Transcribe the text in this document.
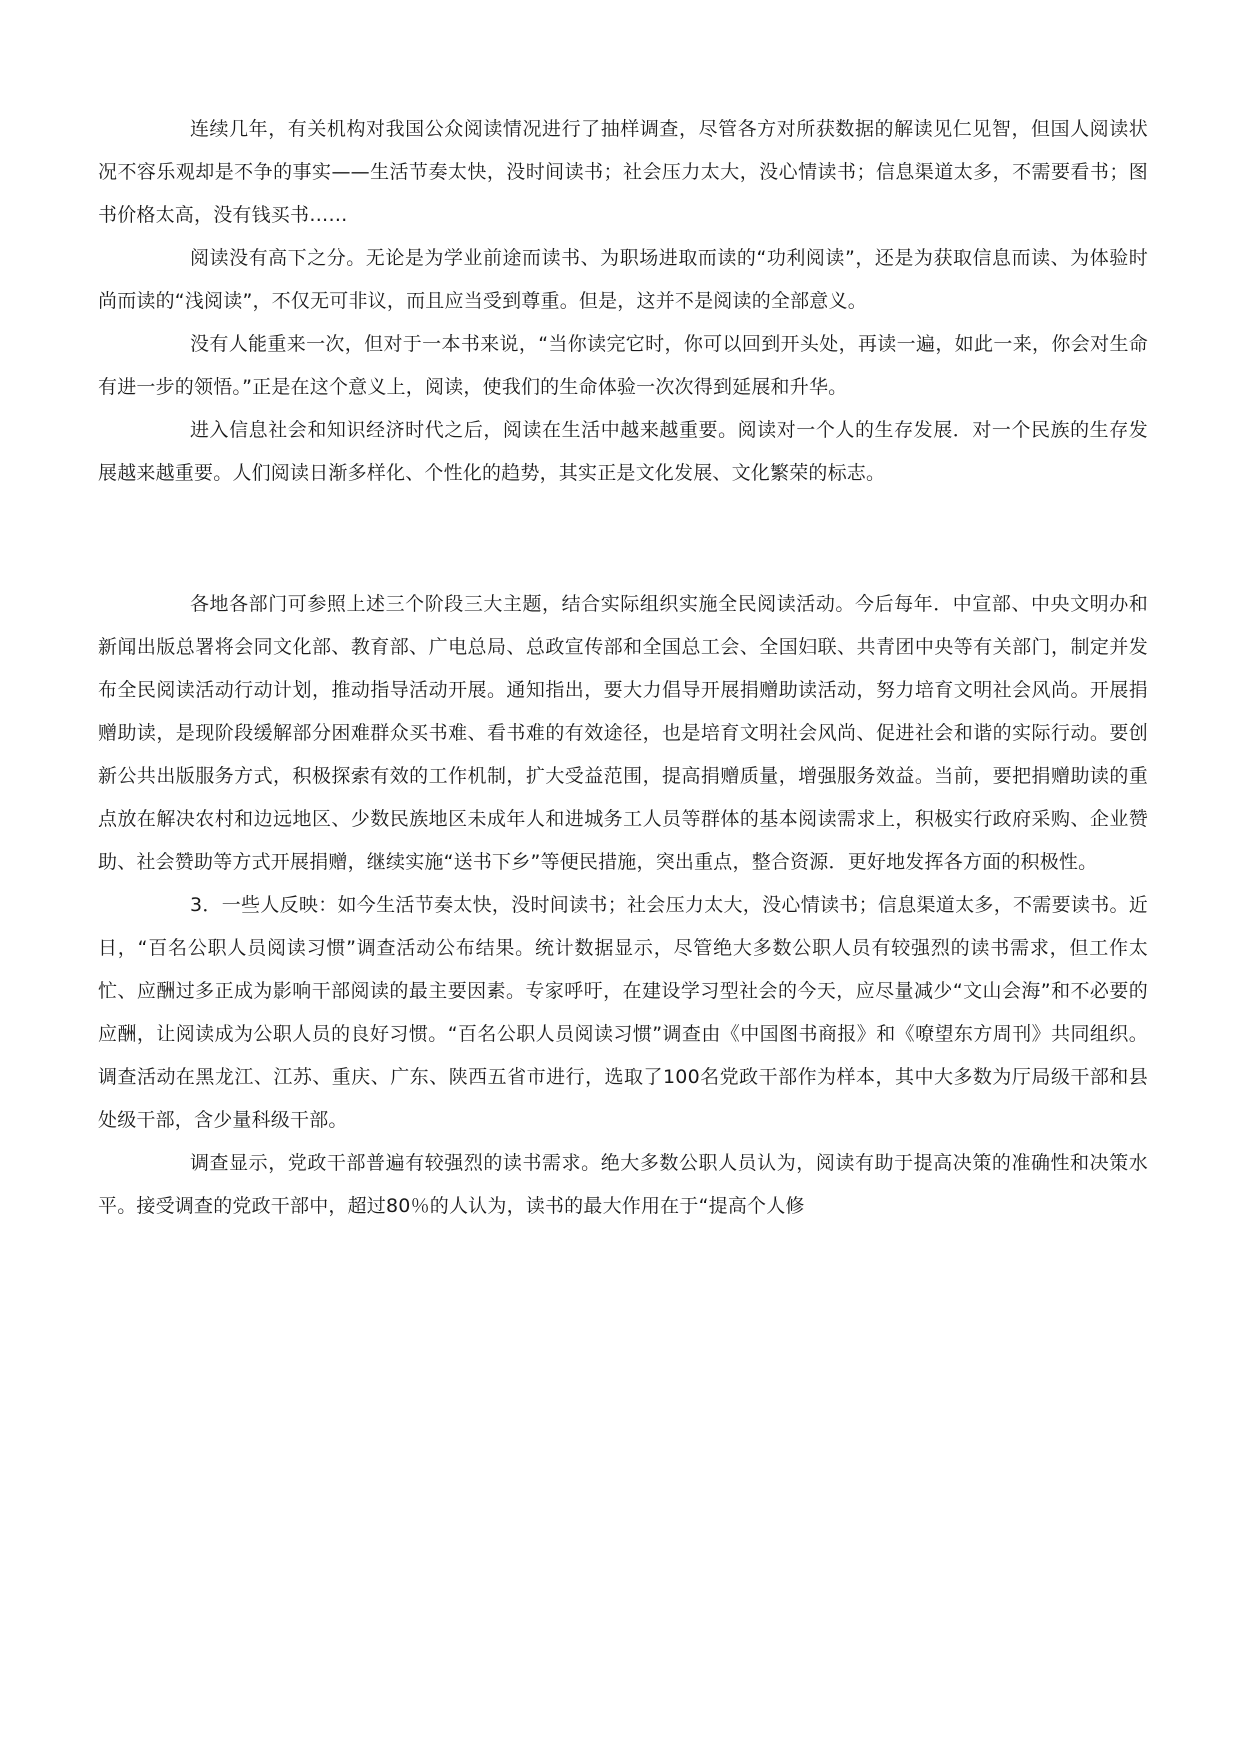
连续几年，有关机构对我国公众阅读情况进行了抽样调查，尽管各方对所获数据的解读见仁见智，但国人阅读状况不容乐观却是不争的事实——生活节奏太快，没时间读书；社会压力太大，没心情读书；信息渠道太多，不需要看书；图书价格太高，没有钱买书……

阅读没有高下之分。无论是为学业前途而读书、为职场进取而读的“功利阅读”，还是为获取信息而读、为体验时尚而读的“浅阅读”，不仅无可非议，而且应当受到尊重。但是，这并不是阅读的全部意义。

没有人能重来一次，但对于一本书来说，“当你读完它时，你可以回到开头处，再读一遍，如此一来，你会对生命有进一步的领悟。”正是在这个意义上，阅读，使我们的生命体验一次次得到延展和升华。

进入信息社会和知识经济时代之后，阅读在生活中越来越重要。阅读对一个人的生存发展．对一个民族的生存发展越来越重要。人们阅读日渐多样化、个性化的趋势，其实正是文化发展、文化繁荣的标志。

各地各部门可参照上述三个阶段三大主题，结合实际组织实施全民阅读活动。今后每年．中宣部、中央文明办和新闻出版总署将会同文化部、教育部、广电总局、总政宣传部和全国总工会、全国妇联、共青团中央等有关部门，制定并发布全民阅读活动行动计划，推动指导活动开展。通知指出，要大力倡导开展捐赠助读活动，努力培育文明社会风尚。开展捐赠助读，是现阶段缓解部分困难群众买书难、看书难的有效途径，也是培育文明社会风尚、促进社会和谐的实际行动。要创新公共出版服务方式，积极探索有效的工作机制，扩大受益范围，提高捐赠质量，增强服务效益。当前，要把捐赠助读的重点放在解决农村和边远地区、少数民族地区未成年人和进城务工人员等群体的基本阅读需求上，积极实行政府采购、企业赞助、社会赞助等方式开展捐赠，继续实施“送书下乡”等便民措施，突出重点，整合资源．更好地发挥各方面的积极性。

3．一些人反映：如今生活节奏太快，没时间读书；社会压力太大，没心情读书；信息渠道太多，不需要读书。近日，“百名公职人员阅读习惯”调查活动公布结果。统计数据显示，尽管绝大多数公职人员有较强烈的读书需求，但工作太忙、应酬过多正成为影响干部阅读的最主要因素。专家呼吁，在建设学习型社会的今天，应尽量减少“文山会海”和不必要的应酬，让阅读成为公职人员的良好习惯。“百名公职人员阅读习惯”调查由《中国图书商报》和《嘹望东方周刊》共同组织。调查活动在黑龙江、江苏、重庆、广东、陕西五省市进行，选取了100名党政干部作为样本，其中大多数为厅局级干部和县处级干部，含少量科级干部。

调查显示，党政干部普遍有较强烈的读书需求。绝大多数公职人员认为，阅读有助于提高决策的准确性和决策水平。接受调查的党政干部中，超过80％的人认为，读书的最大作用在于“提高个人修
